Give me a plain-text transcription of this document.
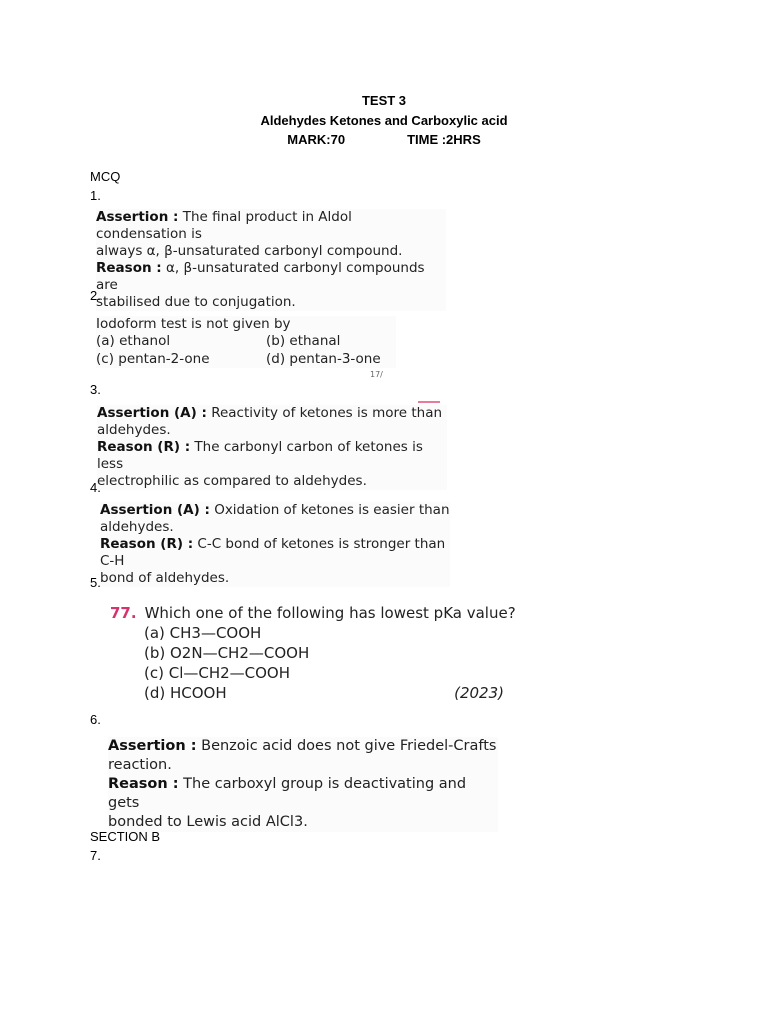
TEST 3
Aldehydes Ketones and Carboxylic acid
MARK:70	TIME :2HRS
MCQ
1.
Assertion : The final product in Aldol condensation is
always α, β-unsaturated carbonyl compound.
Reason : α, β-unsaturated carbonyl compounds are
stabilised due to conjugation.
2.
Iodoform test is not given by
(a) ethanol	(b) ethanal
(c) pentan-2-one	(d) pentan-3-one
17/
3.
Assertion (A) : Reactivity of ketones is more than
aldehydes.
Reason (R) : The carbonyl carbon of ketones is less
electrophilic as compared to aldehydes.
4.
Assertion (A) : Oxidation of ketones is easier than
aldehydes.
Reason (R) : C-C bond of ketones is stronger than C-H
bond of aldehydes.
5.
77. Which one of the following has lowest pKa value?
(a) CH3—COOH
(b) O2N—CH2—COOH
(c) Cl—CH2—COOH
(d) HCOOH	(2023)
6.
Assertion : Benzoic acid does not give Friedel-Crafts
reaction.
Reason : The carboxyl group is deactivating and gets
bonded to Lewis acid AlCl3.
SECTION B
7.
